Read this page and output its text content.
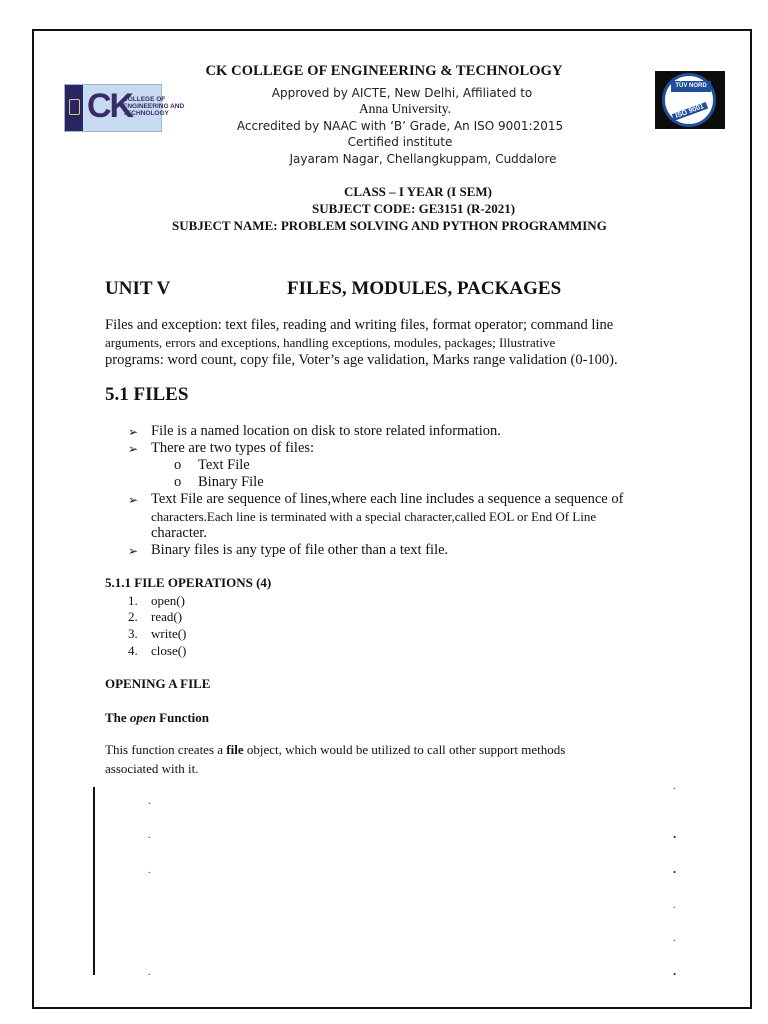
CK
COLLEGE OF
ENGINEERING AND
TECHNOLOGY
TÜV NORD
ISO 9001
CK COLLEGE OF ENGINEERING & TECHNOLOGY
Approved by AICTE, New Delhi, Affiliated to
Anna University.
Accredited by NAAC with ‘B’ Grade, An ISO 9001:2015
Certified institute
Jayaram Nagar, Chellangkuppam, Cuddalore
CLASS – I YEAR (I SEM)
SUBJECT CODE: GE3151 (R-2021)
SUBJECT NAME: PROBLEM SOLVING AND PYTHON PROGRAMMING
UNIT V	FILES, MODULES, PACKAGES
Files and exception: text files, reading and writing files, format operator; command line
arguments, errors and exceptions, handling exceptions, modules, packages; Illustrative
programs: word count, copy file, Voter’s age validation, Marks range validation (0-100).
5.1 FILES
➢ File is a named location on disk to store related information.
➢ There are two types of files:
o Text File
o Binary File
➢ Text File are sequence of lines,where each line includes a sequence a sequence of
characters.Each line is terminated with a special character,called EOL or End Of Line
character.
➢ Binary files is any type of file other than a text file.
5.1.1 FILE OPERATIONS (4)
1. open()
2. read()
3. write()
4. close()
OPENING A FILE
The open Function
This function creates a file object, which would be utilized to call other support methods
associated with it.
.
.
.
.
.
.
.
.
.
.
